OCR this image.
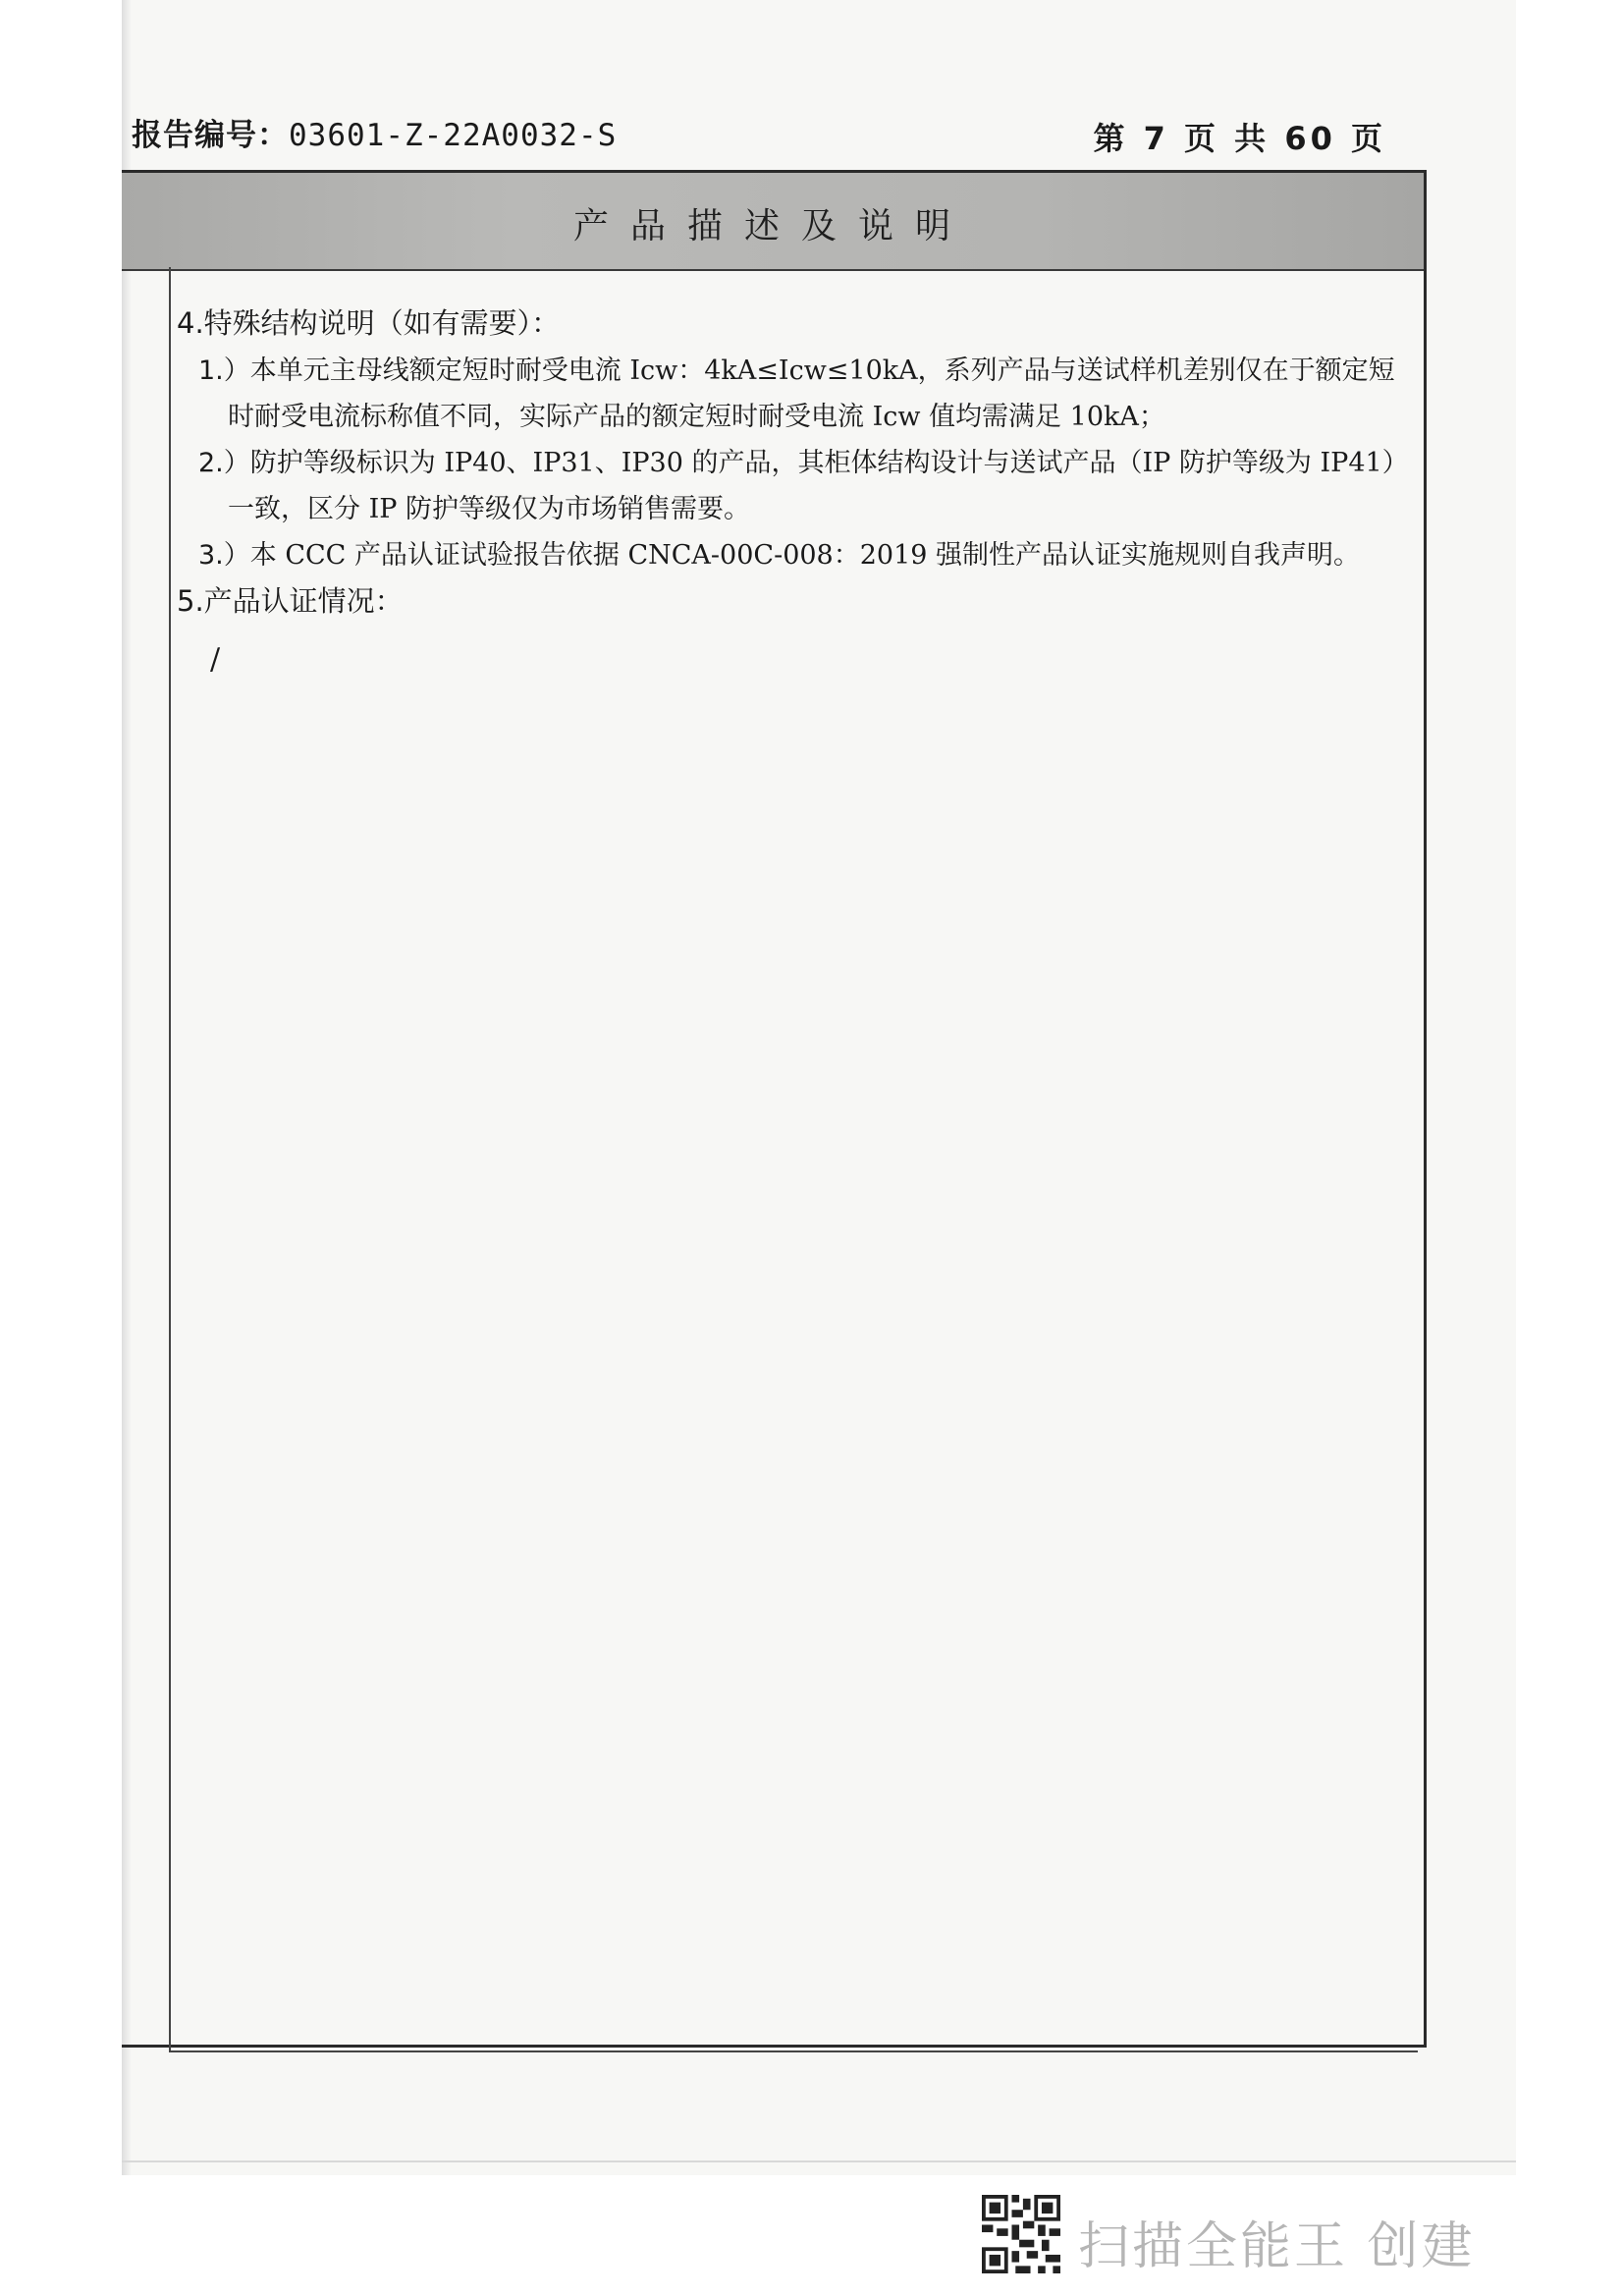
报告编号：03601-Z-22A0032-S	第 7 页 共 60 页
产品描述及说明

4.特殊结构说明（如有需要）：

1.）本单元主母线额定短时耐受电流 Icw：4kA≤Icw≤10kA，系列产品与送试样机差别仅在于额定短

时耐受电流标称值不同，实际产品的额定短时耐受电流 Icw 值均需满足 10kA；

2.）防护等级标识为 IP40、IP31、IP30 的产品，其柜体结构设计与送试产品（IP 防护等级为 IP41）

一致，区分 IP 防护等级仅为市场销售需要。

3.）本 CCC 产品认证试验报告依据 CNCA-00C-008：2019 强制性产品认证实施规则自我声明。

5.产品认证情况：

/
扫描全能王 创建
